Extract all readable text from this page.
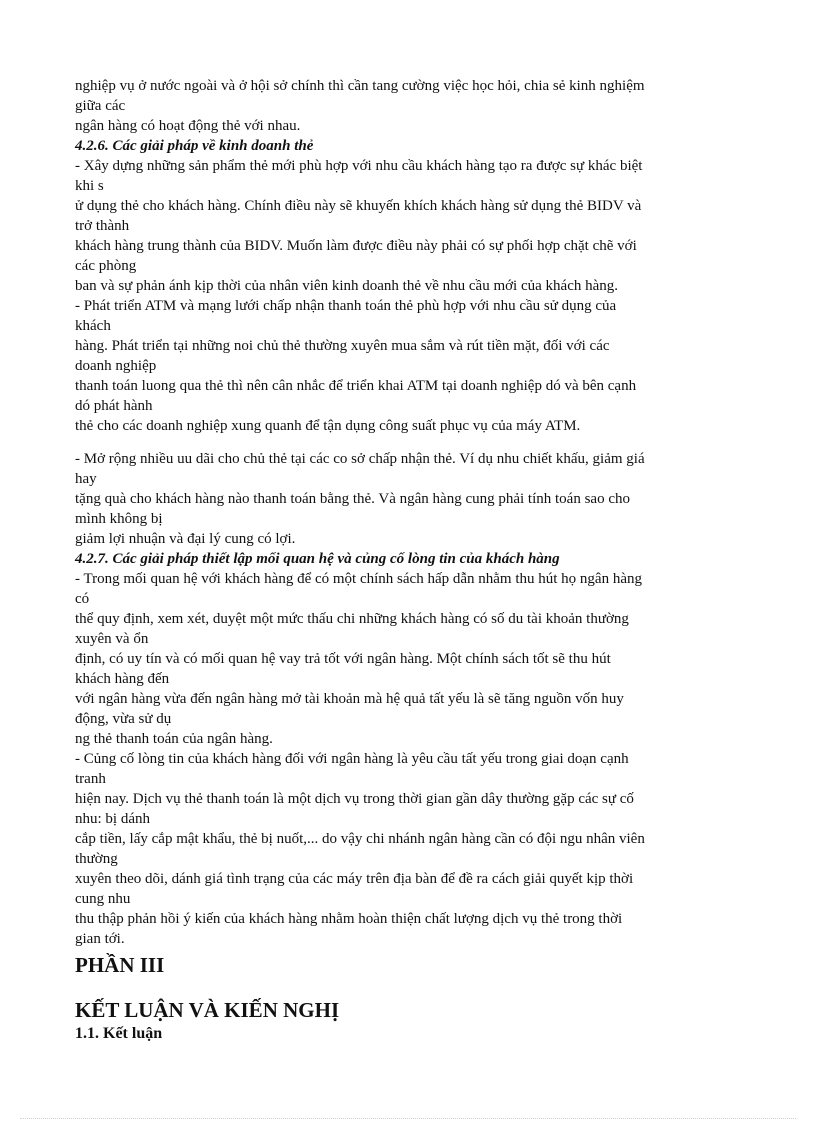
nghiệp vụ ở nước ngoài và ở hội sở chính thì cần tang cường việc học hỏi, chia sẻ kinh nghiệm
giữa các
ngân hàng có hoạt động thẻ với nhau.
4.2.6. Các giải pháp về kinh doanh thẻ
- Xây dựng những sản phẩm thẻ mới phù hợp với nhu cầu khách hàng tạo ra được sự khác biệt
khi s
ử dụng thẻ cho khách hàng. Chính điều này sẽ khuyến khích khách hàng sử dụng thẻ BIDV và
trở thành
khách hàng trung thành của BIDV. Muốn làm được điều này phải có sự phối hợp chặt chẽ với
các phòng
ban và sự phản ánh kịp thời của nhân viên kinh doanh thẻ về nhu cầu mới của khách hàng.
- Phát triển ATM và mạng lưới chấp nhận thanh toán thẻ phù hợp với nhu cầu sử dụng của
khách
hàng. Phát triển tại những noi chủ thẻ thường xuyên mua sắm và rút tiền mặt, đối với các
doanh nghiệp
thanh toán luong qua thẻ thì nên cân nhắc để triển khai ATM tại doanh nghiệp dó và bên cạnh
dó phát hành
thẻ cho các doanh nghiệp xung quanh để tận dụng công suất phục vụ của máy ATM.
- Mở rộng nhiều uu dãi cho chủ thẻ tại các co sở chấp nhận thẻ. Ví dụ nhu chiết khấu, giảm giá
hay
tặng quà cho khách hàng nào thanh toán bằng thẻ. Và ngân hàng cung phải tính toán sao cho
mình không bị
giảm lợi nhuận và đại lý cung có lợi.
4.2.7. Các giải pháp thiết lập mối quan hệ và củng cố lòng tin của khách hàng
- Trong mối quan hệ với khách hàng để có một chính sách hấp dẫn nhằm thu hút họ ngân hàng
có
thể quy định, xem xét, duyệt một mức thấu chi những khách hàng có số du tài khoản thường
xuyên và ổn
định, có uy tín và có mối quan hệ vay trả tốt với ngân hàng. Một chính sách tốt sẽ thu hút
khách hàng đến
với ngân hàng vừa đến ngân hàng mở tài khoản mà hệ quả tất yếu là sẽ tăng nguồn vốn huy
động, vừa sử dụ
ng thẻ thanh toán của ngân hàng.
- Củng cố lòng tin của khách hàng đối với ngân hàng là yêu cầu tất yếu trong giai doạn cạnh
tranh
hiện nay. Dịch vụ thẻ thanh toán là một dịch vụ trong thời gian gần dây thường gặp các sự cố
nhu: bị dánh
cắp tiền, lấy cắp mật khẩu, thẻ bị nuốt,... do vậy chi nhánh ngân hàng cần có đội ngu nhân viên
thường
xuyên theo dõi, dánh giá tình trạng của các máy trên địa bàn để đề ra cách giải quyết kịp thời
cung nhu
thu thập phản hồi ý kiến của khách hàng nhằm hoàn thiện chất lượng dịch vụ thẻ trong thời
gian tới.
PHẦN III
KẾT LUẬN VÀ KIẾN NGHỊ
1.1. Kết luận
